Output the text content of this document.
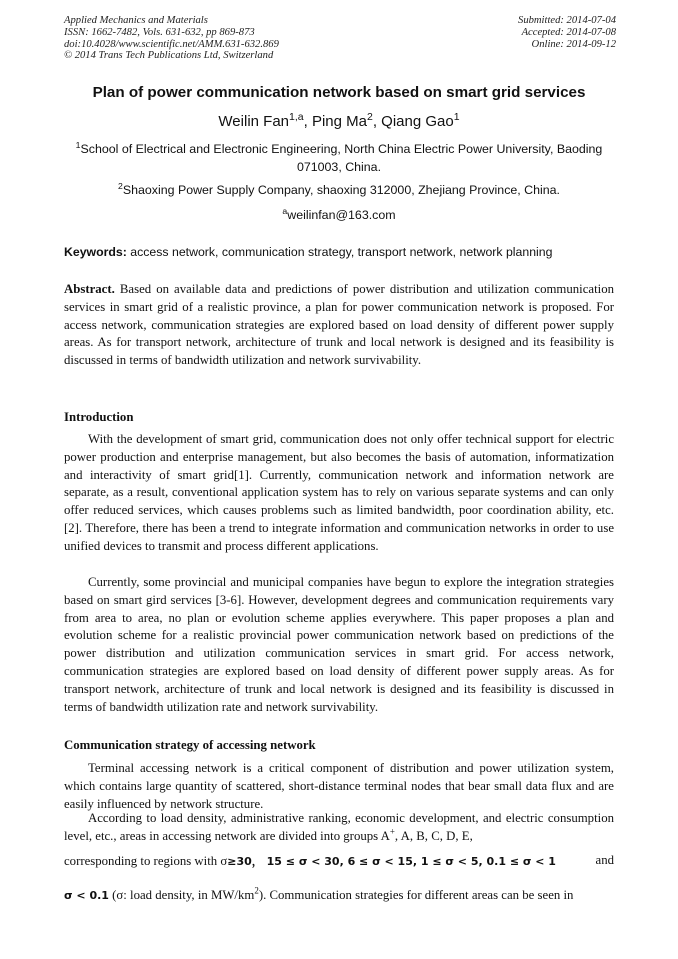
Applied Mechanics and Materials
ISSN: 1662-7482, Vols. 631-632, pp 869-873
doi:10.4028/www.scientific.net/AMM.631-632.869
© 2014 Trans Tech Publications Ltd, Switzerland
Submitted: 2014-07-04
Accepted: 2014-07-08
Online: 2014-09-12
Plan of power communication network based on smart grid services
Weilin Fan$^{1,a}$, Ping Ma$^2$, Qiang Gao$^1$
$^1$School of Electrical and Electronic Engineering, North China Electric Power University, Baoding 071003, China.
$^2$Shaoxing Power Supply Company, shaoxing 312000, Zhejiang Province, China.
$^a$weilinfan@163.com
Keywords: access network, communication strategy, transport network, network planning
Abstract. Based on available data and predictions of power distribution and utilization communication services in smart grid of a realistic province, a plan for power communication network is proposed. For access network, communication strategies are explored based on load density of different power supply areas. As for transport network, architecture of trunk and local network is designed and its feasibility is discussed in terms of bandwidth utilization and network survivability.
Introduction
With the development of smart grid, communication does not only offer technical support for electric power production and enterprise management, but also becomes the basis of automation, informatization and interactivity of smart grid[1]. Currently, communication network and information network are separate, as a result, conventional application system has to rely on various separate systems and can only offer reduced services, which causes problems such as limited bandwidth, poor coordination ability, etc. [2]. Therefore, there has been a trend to integrate information and communication networks in order to use unified devices to transmit and process different applications.
Currently, some provincial and municipal companies have begun to explore the integration strategies based on smart gird services [3-6]. However, development degrees and communication requirements vary from area to area, no plan or evolution scheme applies everywhere. This paper proposes a plan and evolution scheme for a realistic provincial power communication network based on predictions of the power distribution and utilization communication services in smart grid. For access network, communication strategies are explored based on load density of different power supply areas. As for transport network, architecture of trunk and local network is designed and its feasibility is discussed in terms of bandwidth utilization rate and network survivability.
Communication strategy of accessing network
Terminal accessing network is a critical component of distribution and power utilization system, which contains large quantity of scattered, short-distance terminal nodes that bear small data flux and are easily influenced by network structure.
According to load density, administrative ranking, economic development, and electric consumption level, etc., areas in accessing network are divided into groups A+, A, B, C, D, E,
corresponding to regions with σ≥30， 15 ≤ σ < 30, 6 ≤ σ < 15, 1 ≤ σ < 5, 0.1 ≤ σ < 1	and
σ < 0.1 (σ: load density, in $MW/km^2$). Communication strategies for different areas can be seen in
